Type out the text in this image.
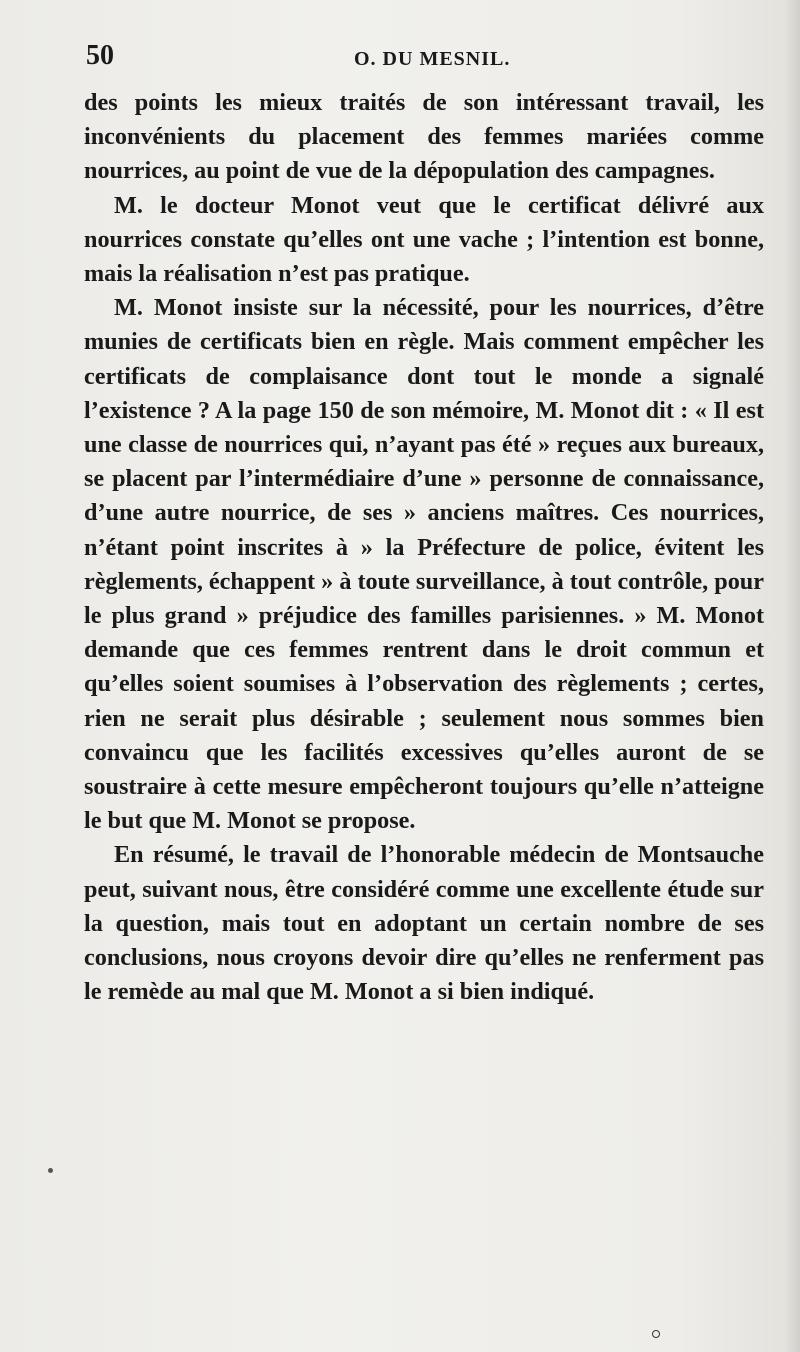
50	O. DU MESNIL.

des points les mieux traités de son intéressant travail, les inconvénients du placement des femmes mariées comme nourrices, au point de vue de la dépopulation des campagnes.

M. le docteur Monot veut que le certificat délivré aux nourrices constate qu’elles ont une vache ; l’intention est bonne, mais la réalisation n’est pas pratique.

M. Monot insiste sur la nécessité, pour les nourrices, d’être munies de certificats bien en règle. Mais comment empêcher les certificats de complaisance dont tout le monde a signalé l’existence ? A la page 150 de son mémoire, M. Monot dit : « Il est une classe de nourrices qui, n’ayant pas été » reçues aux bureaux, se placent par l’intermédiaire d’une » personne de connaissance, d’une autre nourrice, de ses » anciens maîtres. Ces nourrices, n’étant point inscrites à » la Préfecture de police, évitent les règlements, échappent » à toute surveillance, à tout contrôle, pour le plus grand » préjudice des familles parisiennes. » M. Monot demande que ces femmes rentrent dans le droit commun et qu’elles soient soumises à l’observation des règlements ; certes, rien ne serait plus désirable ; seulement nous sommes bien convaincu que les facilités excessives qu’elles auront de se soustraire à cette mesure empêcheront toujours qu’elle n’atteigne le but que M. Monot se propose.

En résumé, le travail de l’honorable médecin de Montsauche peut, suivant nous, être considéré comme une excellente étude sur la question, mais tout en adoptant un certain nombre de ses conclusions, nous croyons devoir dire qu’elles ne renferment pas le remède au mal que M. Monot a si bien indiqué.
